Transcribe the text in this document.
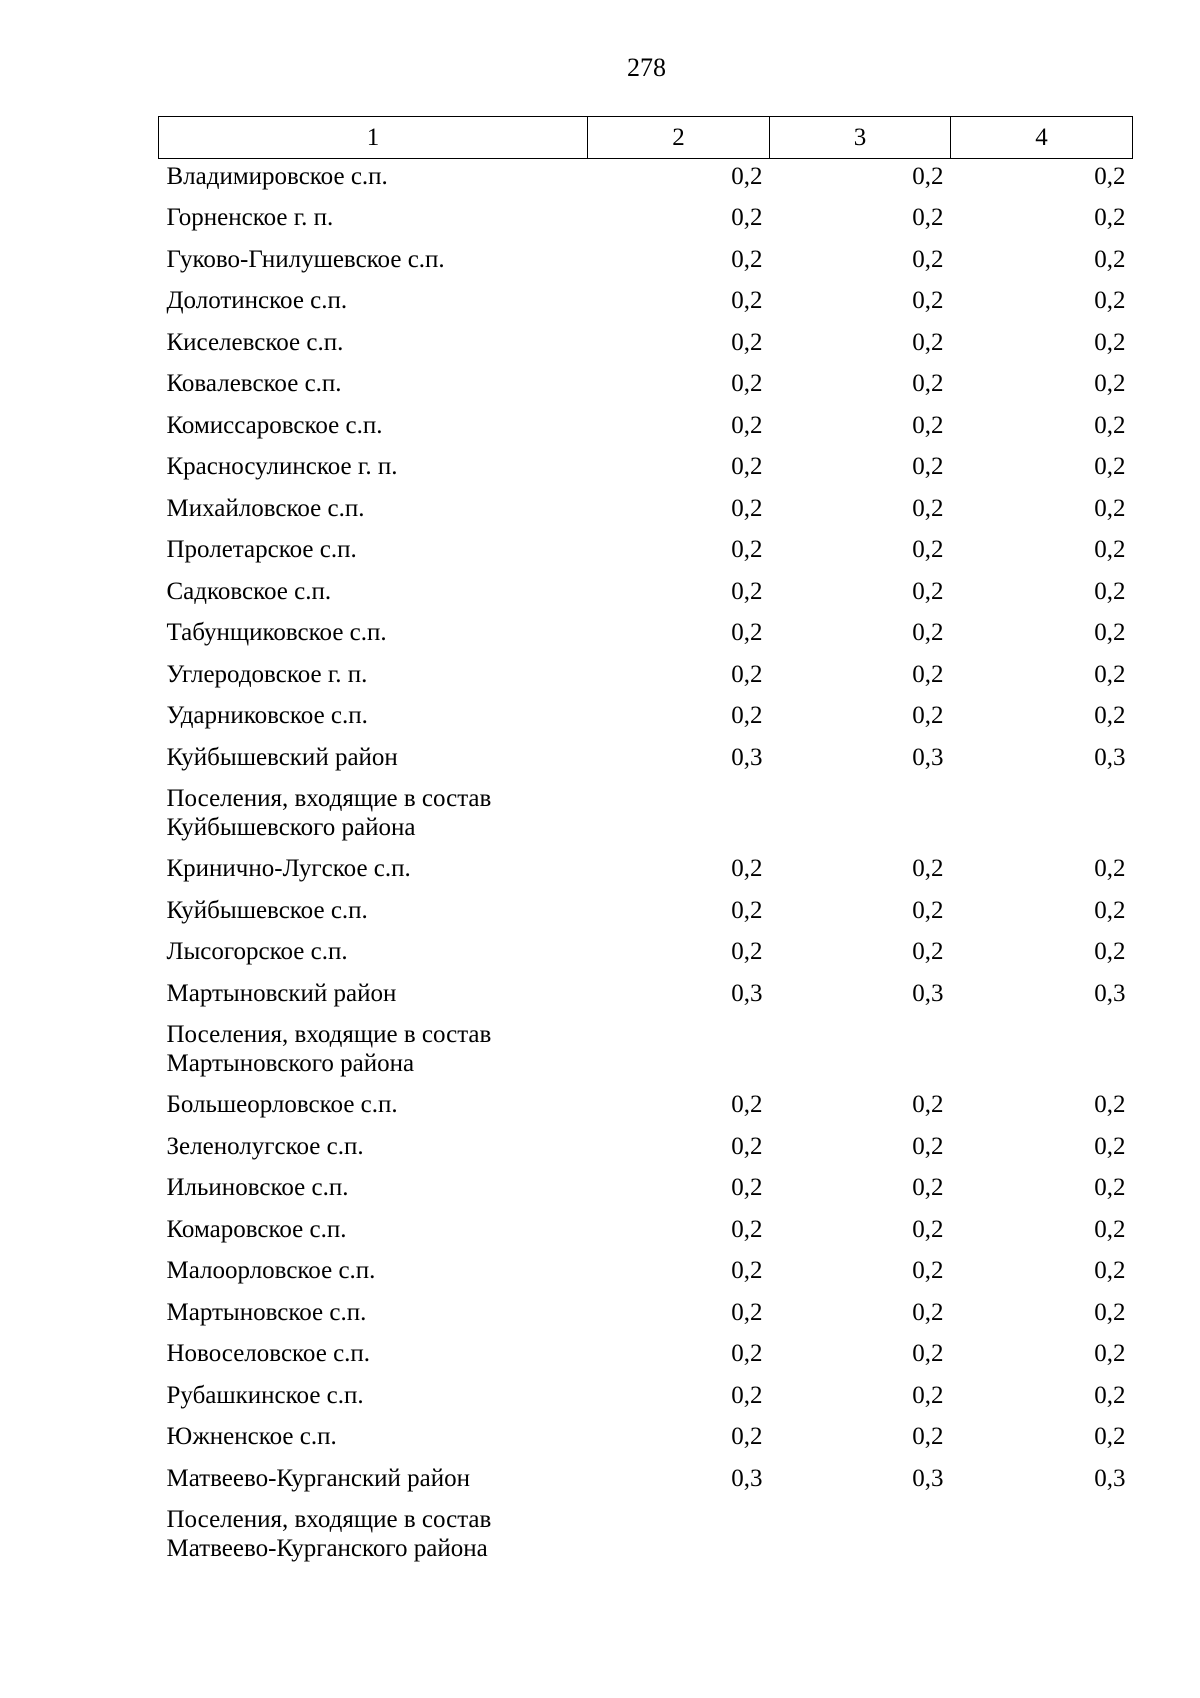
278
1	2	3	4

Владимировское с.п.	0,2	0,2	0,2

Горненское г. п.	0,2	0,2	0,2

Гуково-Гнилушевское с.п.	0,2	0,2	0,2

Долотинское с.п.	0,2	0,2	0,2

Киселевское с.п.	0,2	0,2	0,2

Ковалевское с.п.	0,2	0,2	0,2

Комиссаровское с.п.	0,2	0,2	0,2

Красносулинское г. п.	0,2	0,2	0,2

Михайловское с.п.	0,2	0,2	0,2

Пролетарское с.п.	0,2	0,2	0,2

Садковское с.п.	0,2	0,2	0,2

Табунщиковское с.п.	0,2	0,2	0,2

Углеродовское г. п.	0,2	0,2	0,2

Ударниковское с.п.	0,2	0,2	0,2

Куйбышевский район	0,3	0,3	0,3

Поселения, входящие в состав
Куйбышевского района			

Кринично-Лугское с.п.	0,2	0,2	0,2

Куйбышевское с.п.	0,2	0,2	0,2

Лысогорское с.п.	0,2	0,2	0,2

Мартыновский район	0,3	0,3	0,3

Поселения, входящие в состав
Мартыновского района			

Большеорловское с.п.	0,2	0,2	0,2

Зеленолугское с.п.	0,2	0,2	0,2

Ильиновское с.п.	0,2	0,2	0,2

Комаровское с.п.	0,2	0,2	0,2

Малоорловское с.п.	0,2	0,2	0,2

Мартыновское с.п.	0,2	0,2	0,2

Новоселовское с.п.	0,2	0,2	0,2

Рубашкинское с.п.	0,2	0,2	0,2

Южненское с.п.	0,2	0,2	0,2

Матвеево-Курганский район	0,3	0,3	0,3

Поселения, входящие в состав
Матвеево-Курганского района			
